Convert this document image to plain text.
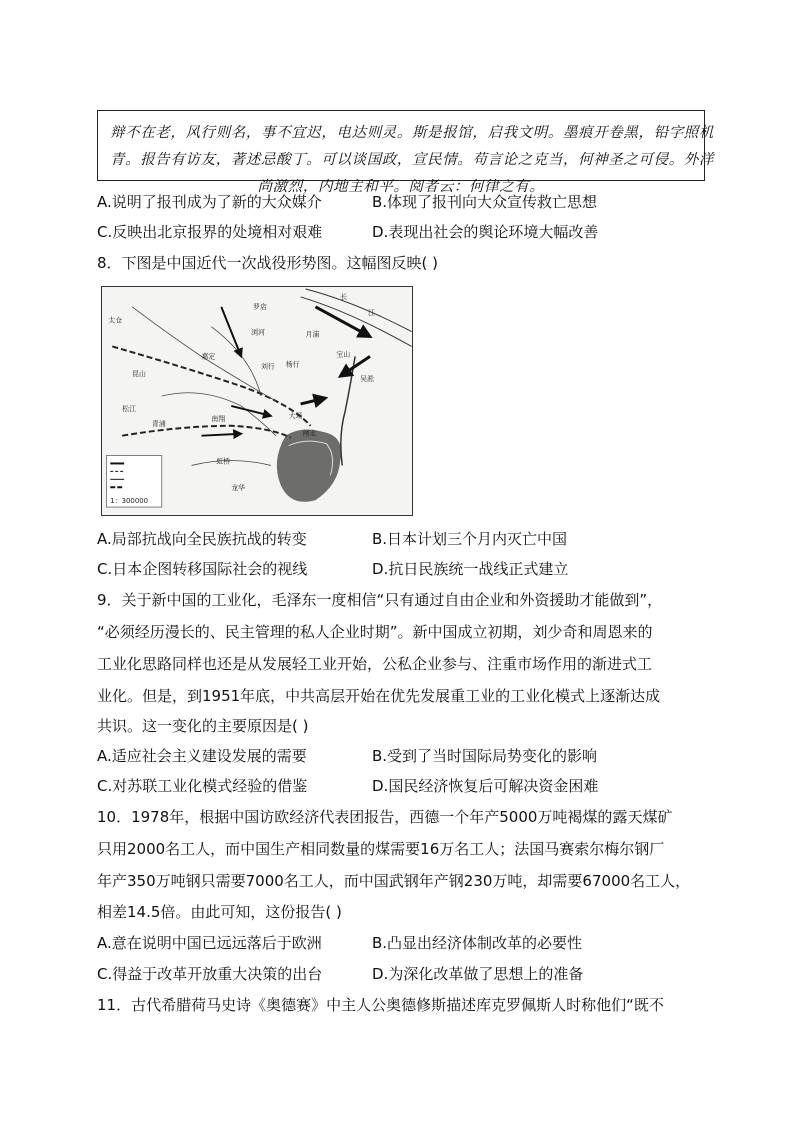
辩不在老，风行则名，事不宜迟，电达则灵。斯是报馆，启我文明。墨痕开卷黑，铅字照机
青。报告有访友，著述忌酸丁。可以谈国政，宣民情。苟言论之克当，何神圣之可侵。外洋
尚激烈，内地主和平。阅者云：何律之有。
A.说明了报刊成为了新的大众媒介	B.体现了报刊向大众宣传救亡思想
C.反映出北京报界的处境相对艰难	D.表现出社会的舆论环境大幅改善
8．下图是中国近代一次战役形势图。这幅图反映( )
长
江
罗店
浏河
嘉定
南翔
昆山
太仓
大场
闸北
吴淞
宝山
月浦
杨行
刘行
虹桥
龙华
松江
青浦
1：300000
A.局部抗战向全民族抗战的转变	B.日本计划三个月内灭亡中国
C.日本企图转移国际社会的视线	D.抗日民族统一战线正式建立
9．关于新中国的工业化，毛泽东一度相信“只有通过自由企业和外资援助才能做到”，
“必须经历漫长的、民主管理的私人企业时期”。新中国成立初期，刘少奇和周恩来的
工业化思路同样也还是从发展轻工业开始，公私企业参与、注重市场作用的渐进式工
业化。但是，到1951年底，中共高层开始在优先发展重工业的工业化模式上逐渐达成
共识。这一变化的主要原因是( )
A.适应社会主义建设发展的需要	B.受到了当时国际局势变化的影响
C.对苏联工业化模式经验的借鉴	D.国民经济恢复后可解决资金困难
10．1978年，根据中国访欧经济代表团报告，西德一个年产5000万吨褐煤的露天煤矿
只用2000名工人，而中国生产相同数量的煤需要16万名工人；法国马赛索尔梅尔钢厂
年产350万吨钢只需要7000名工人，而中国武钢年产钢230万吨，却需要67000名工人，
相差14.5倍。由此可知，这份报告( )
A.意在说明中国已远远落后于欧洲	B.凸显出经济体制改革的必要性
C.得益于改革开放重大决策的出台	D.为深化改革做了思想上的准备
11．古代希腊荷马史诗《奥德赛》中主人公奥德修斯描述库克罗佩斯人时称他们“既不
